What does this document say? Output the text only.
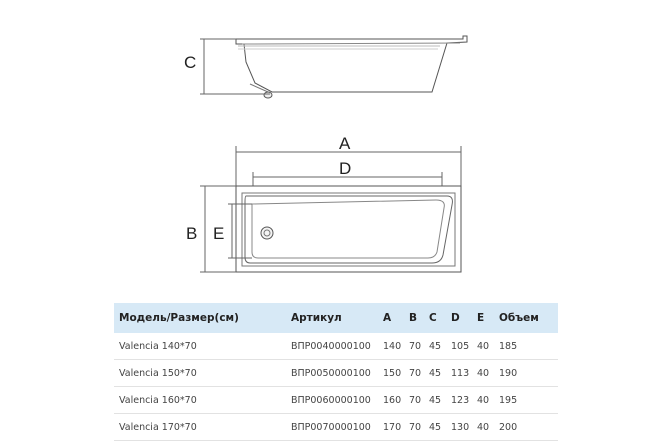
C
A
D
B E
Модель/Размер(см)	Артикул	A	B	C	D	E	Объем
Valencia 140*70	ВПР0040000100	140	70	45	105	40	185
Valencia 150*70	ВПР0050000100	150	70	45	113	40	190
Valencia 160*70	ВПР0060000100	160	70	45	123	40	195
Valencia 170*70	ВПР0070000100	170	70	45	130	40	200
